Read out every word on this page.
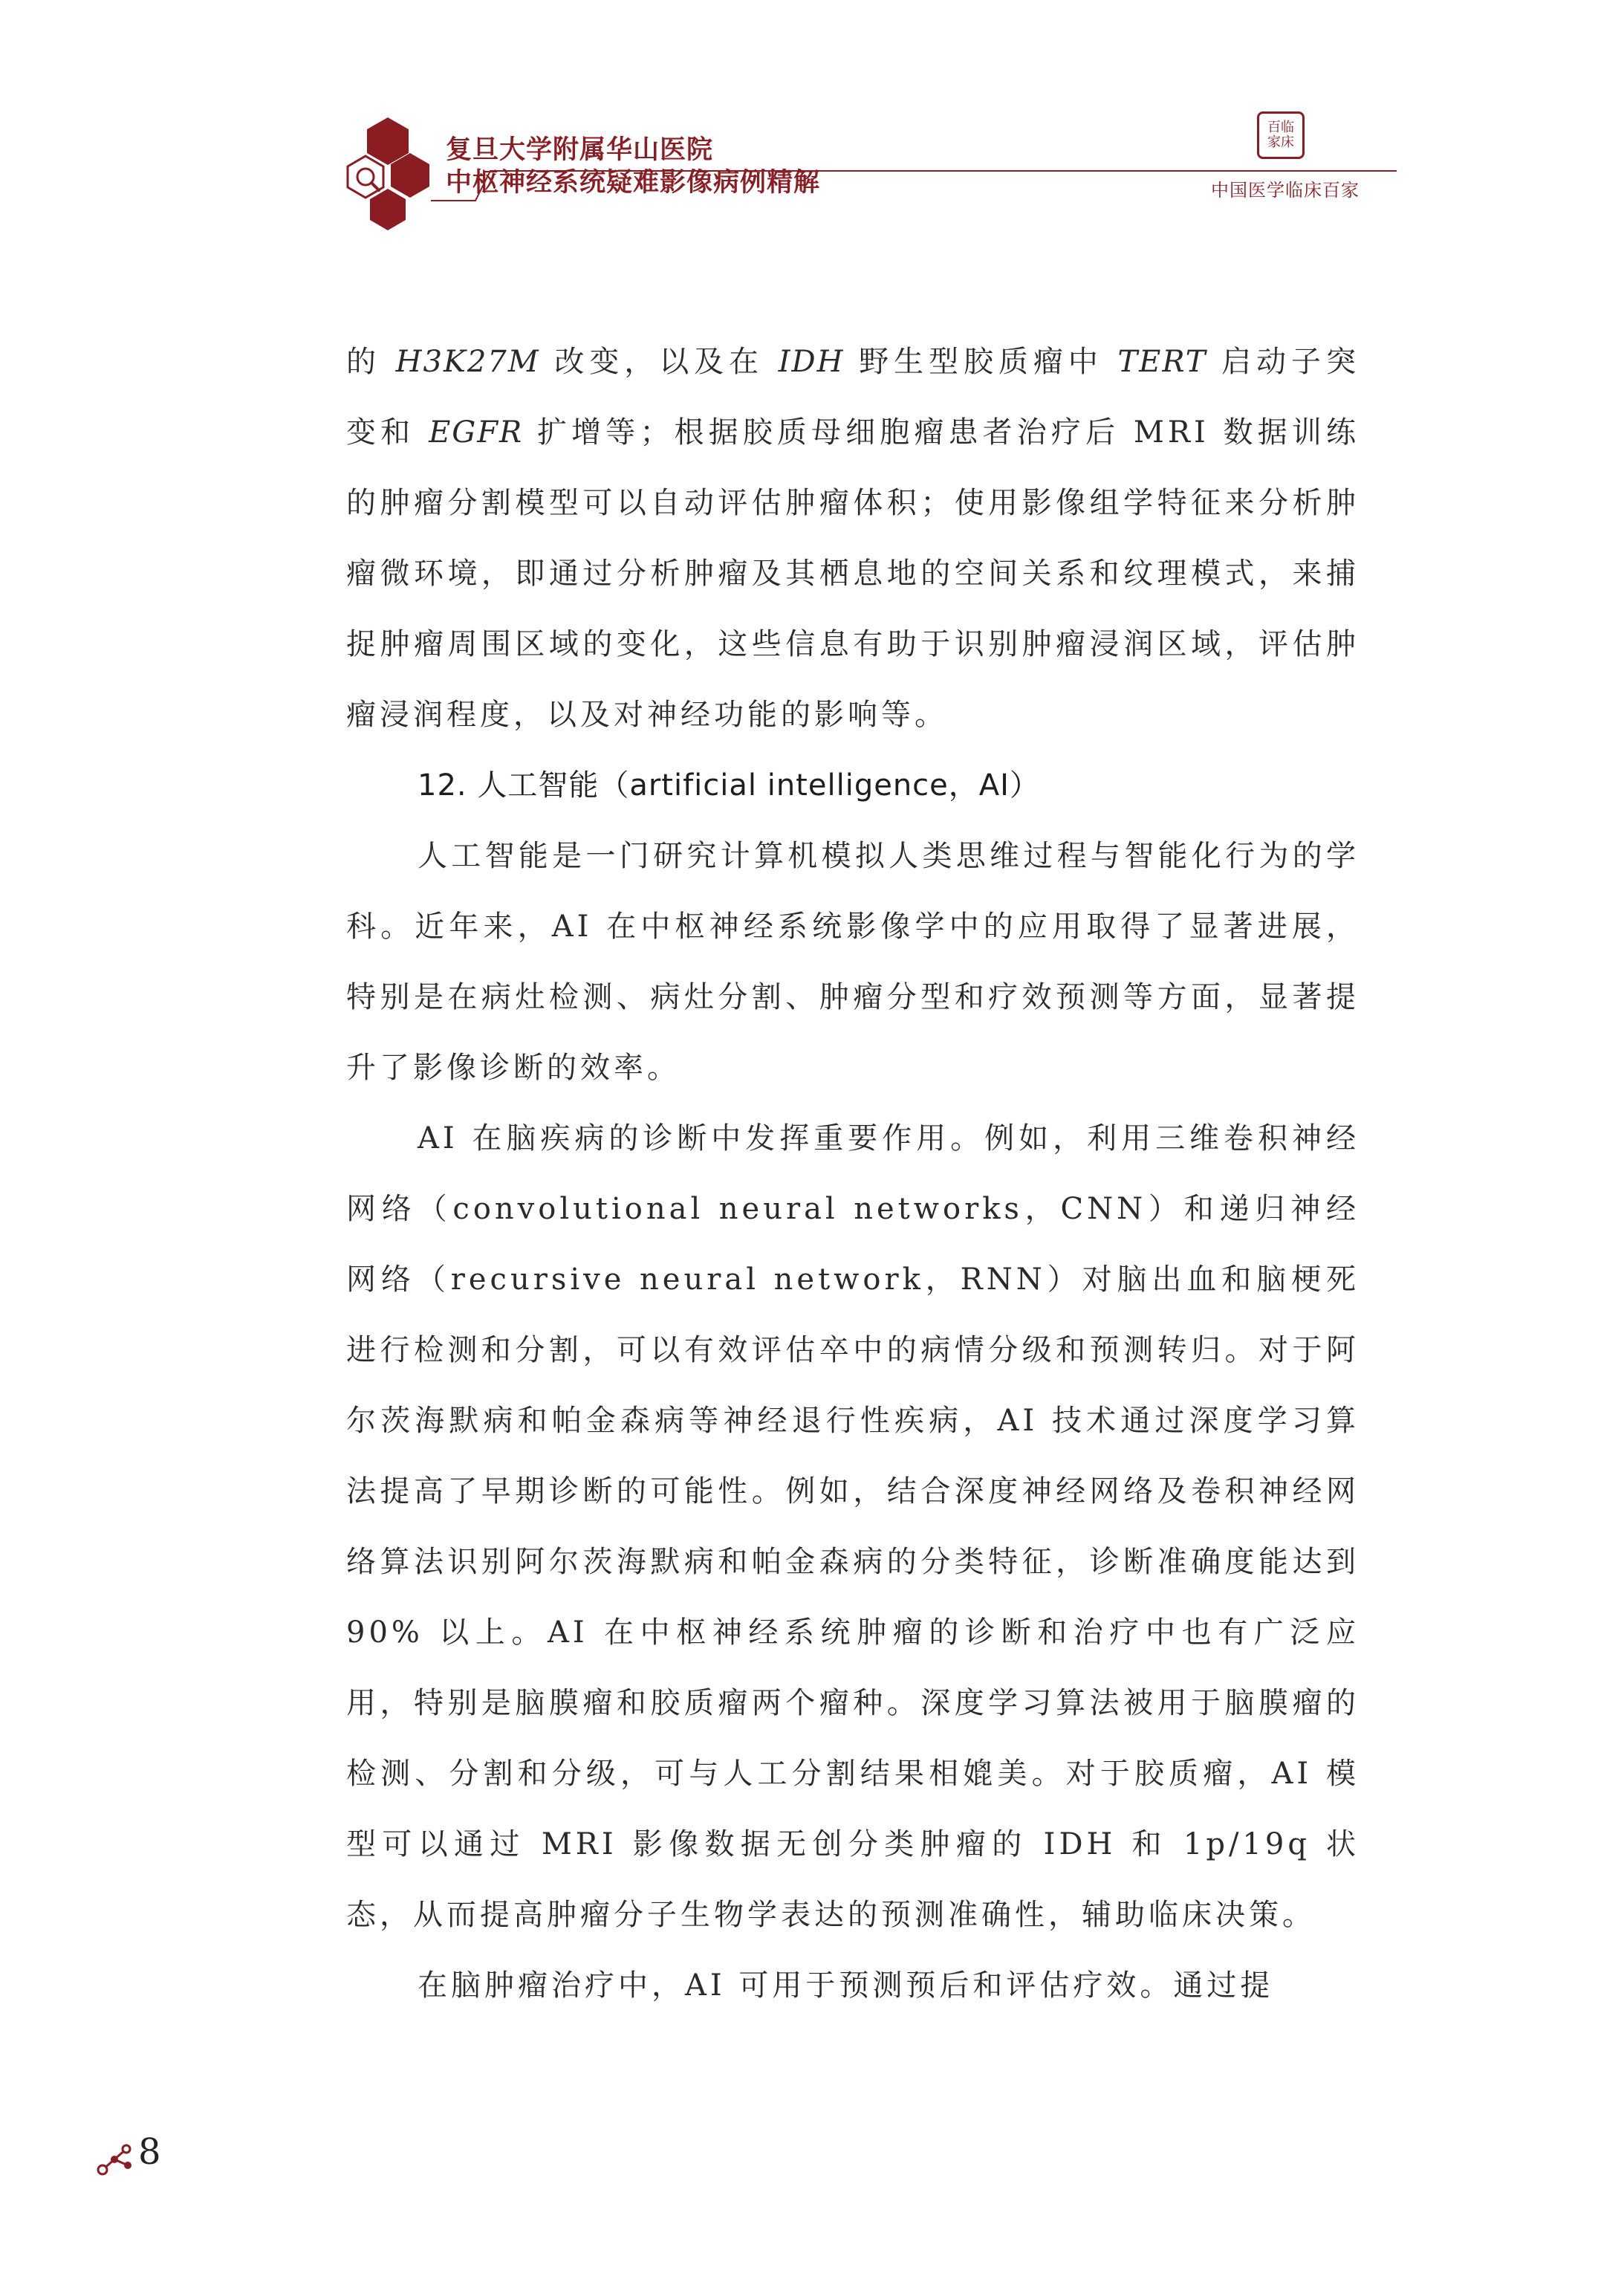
复旦大学附属华山医院
中枢神经系统疑难影像病例精解
百临
家床
中国医学临床百家

的 H3K27M 改变，以及在 IDH 野生型胶质瘤中 TERT 启动子突变和 EGFR 扩增等；根据胶质母细胞瘤患者治疗后 MRI 数据训练的肿瘤分割模型可以自动评估肿瘤体积；使用影像组学特征来分析肿瘤微环境，即通过分析肿瘤及其栖息地的空间关系和纹理模式，来捕捉肿瘤周围区域的变化，这些信息有助于识别肿瘤浸润区域，评估肿瘤浸润程度，以及对神经功能的影响等。

12. 人工智能（artificial intelligence，AI）

人工智能是一门研究计算机模拟人类思维过程与智能化行为的学科。近年来，AI 在中枢神经系统影像学中的应用取得了显著进展，特别是在病灶检测、病灶分割、肿瘤分型和疗效预测等方面，显著提升了影像诊断的效率。

AI 在脑疾病的诊断中发挥重要作用。例如，利用三维卷积神经网络（convolutional neural networks，CNN）和递归神经网络（recursive neural network，RNN）对脑出血和脑梗死进行检测和分割，可以有效评估卒中的病情分级和预测转归。对于阿尔茨海默病和帕金森病等神经退行性疾病，AI 技术通过深度学习算法提高了早期诊断的可能性。例如，结合深度神经网络及卷积神经网络算法识别阿尔茨海默病和帕金森病的分类特征，诊断准确度能达到 90% 以上。AI 在中枢神经系统肿瘤的诊断和治疗中也有广泛应用，特别是脑膜瘤和胶质瘤两个瘤种。深度学习算法被用于脑膜瘤的检测、分割和分级，可与人工分割结果相媲美。对于胶质瘤，AI 模型可以通过 MRI 影像数据无创分类肿瘤的 IDH 和 1p/19q 状态，从而提高肿瘤分子生物学表达的预测准确性，辅助临床决策。

在脑肿瘤治疗中，AI 可用于预测预后和评估疗效。通过提

8
